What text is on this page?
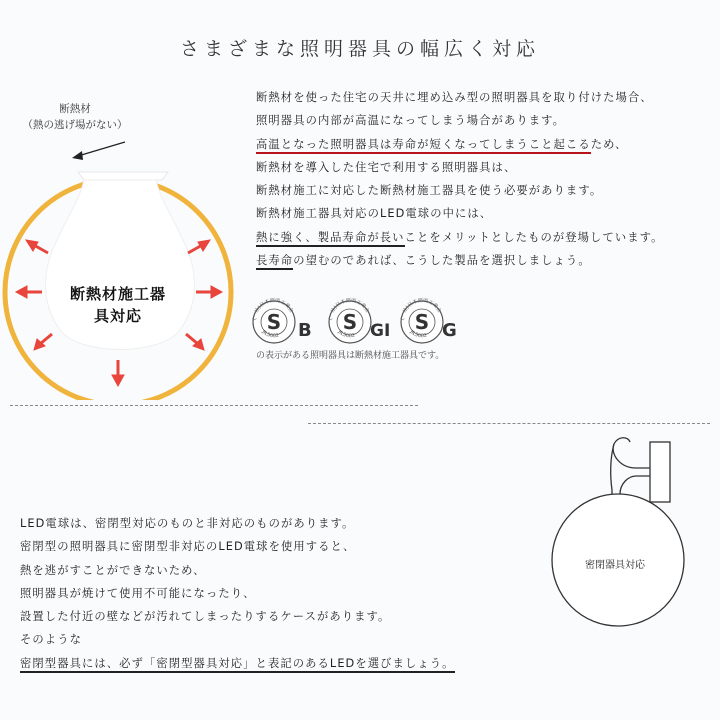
さまざまな照明器具の幅広く対応
断熱材
（熱の逃げ場がない）
断熱材施工器
具対応
断熱材を使った住宅の天井に埋め込み型の照明器具を取り付けた場合、
照明器具の内部が高温になってしまう場合があります。
高温となった照明器具は寿命が短くなってしまうこと起こるため、
断熱材を導入した住宅で利用する照明器具は、
断熱材施工に対応した断熱材施工器具を使う必要があります。
断熱材施工器具対応のLED電球の中には、
熱に強く、製品寿命が長いことをメリットとしたものが登場しています。
長寿命の望むのであれば、こうした製品を選択しましょう。
(一社)日本照明工業会
JIL5002
S B
(一社)日本照明工業会
JIL5002
S GI
(一社)日本照明工業会
JIL5002
S G
の表示がある照明器具は断熱材施工器具です。
LED電球は、密閉型対応のものと非対応のものがあります。
密閉型の照明器具に密閉型非対応のLED電球を使用すると、
熱を逃がすことができないため、
照明器具が焼けて使用不可能になったり、
設置した付近の壁などが汚れてしまったりするケースがあります。
そのような
密閉型器具には、必ず「密閉型器具対応」と表記のあるLEDを選びましょう。
密閉器具対応
